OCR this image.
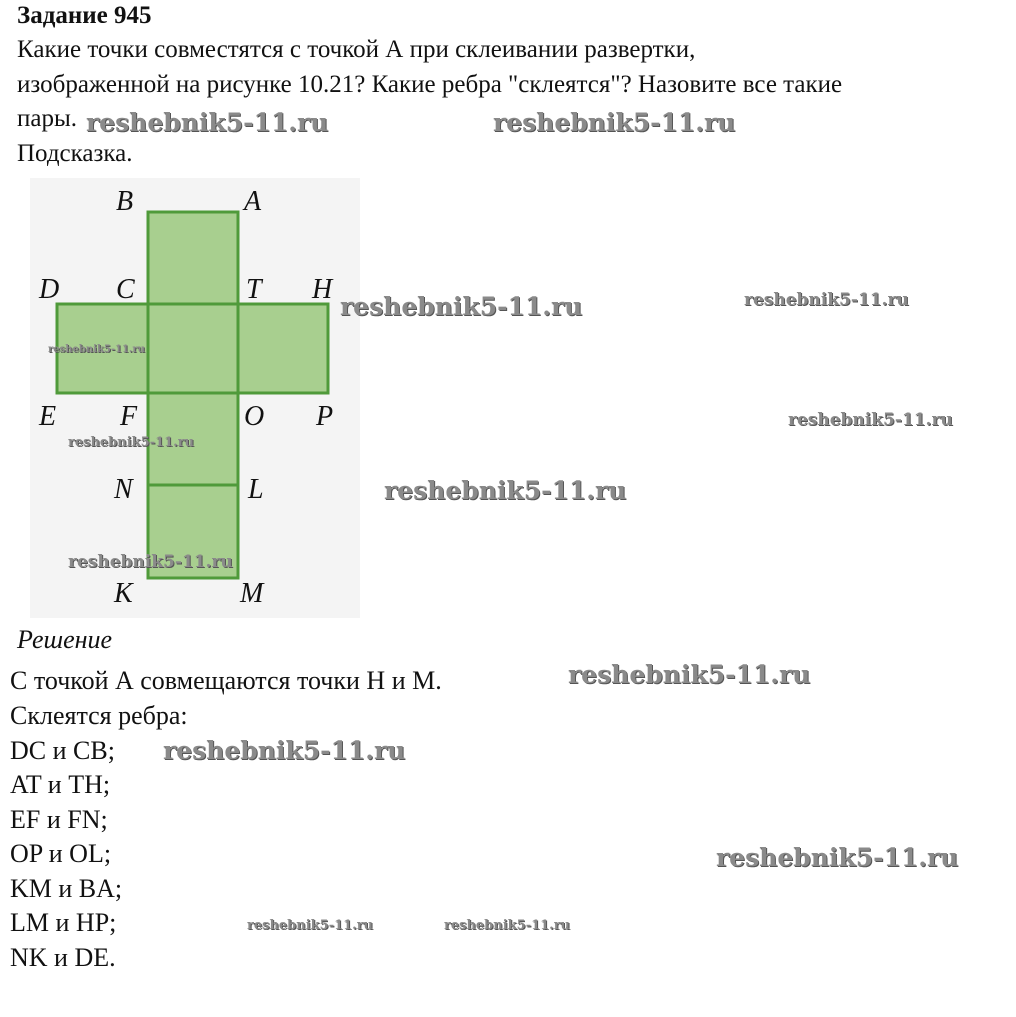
Задание 945
Какие точки совместятся с точкой А при склеивании развертки,
изображенной на рисунке 10.21? Какие ребра "склеятся"? Назовите все такие
пары.
Подсказка.
B	A
D C	T H
E F	O P
N	L
K	M
Решение
С точкой А совмещаются точки Н и М.
Склеятся ребра:
DC и CB;
AT и TH;
EF и FN;
OP и OL;
KM и BA;
LM и HP;
NK и DE.
reshebnik5-11.ru	reshebnik5-11.ru
reshebnik5-11.ru	reshebnik5-11.ru
reshebnik5-11.ru
reshebnik5-11.ru
reshebnik5-11.ru
reshebnik5-11.ru
reshebnik5-11.ru
reshebnik5-11.ru
reshebnik5-11.ru
reshebnik5-11.ru
reshebnik5-11.ru	reshebnik5-11.ru
